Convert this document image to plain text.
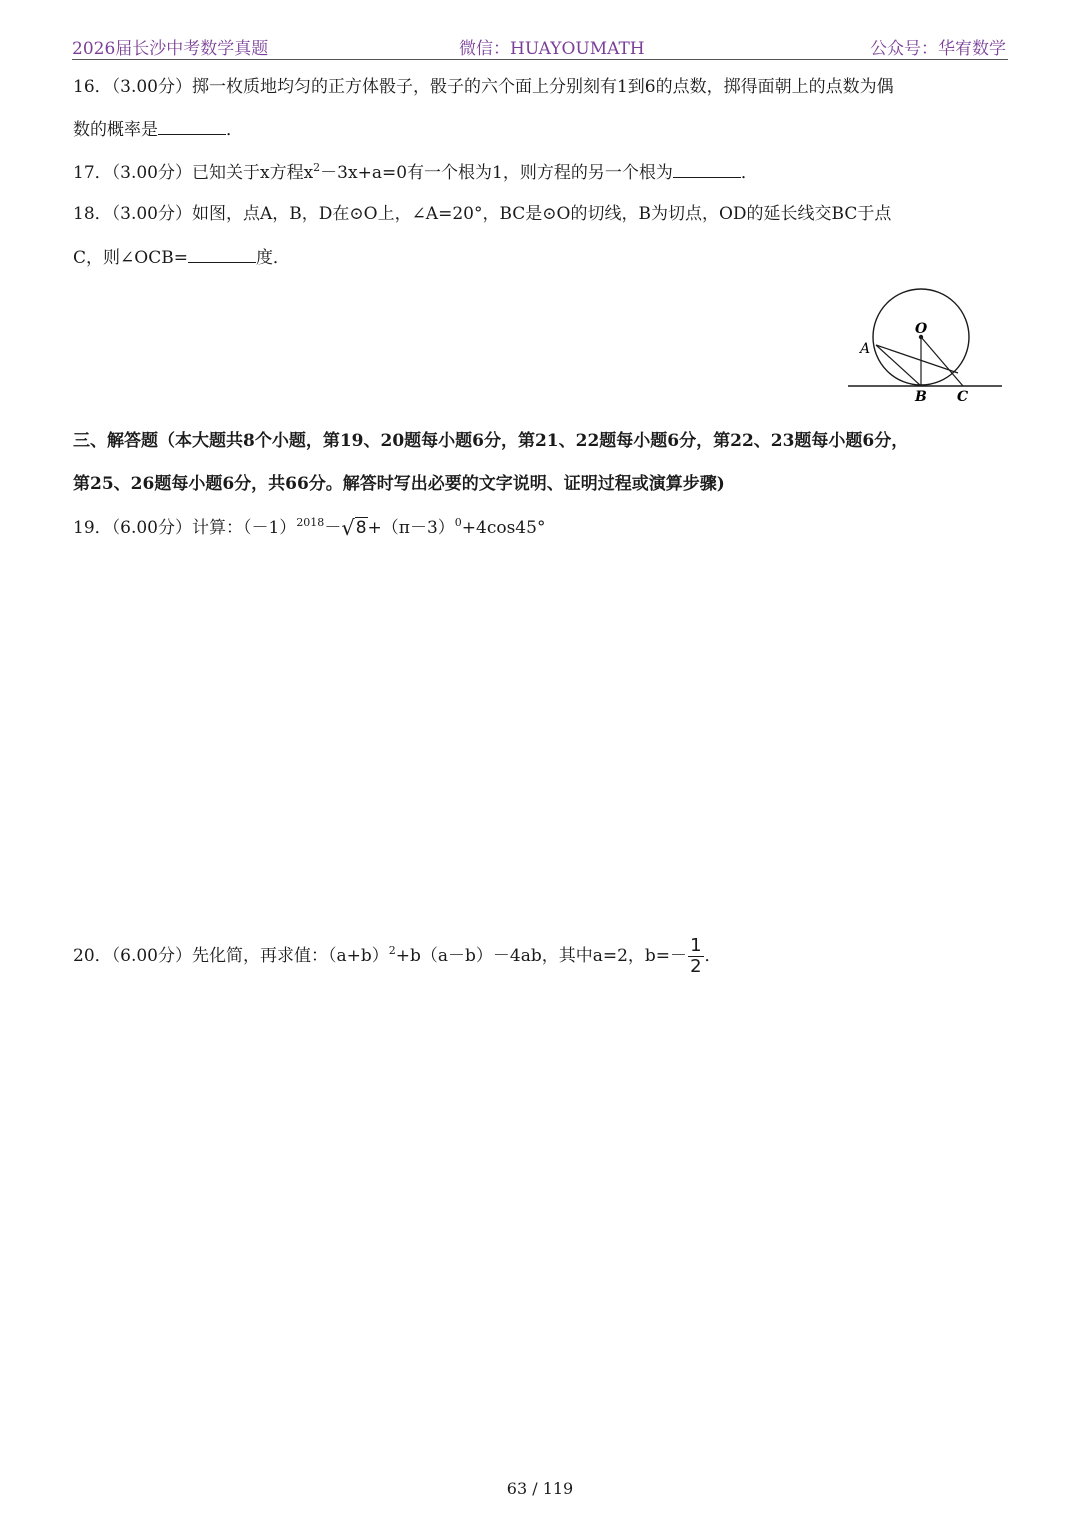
2026届长沙中考数学真题	微信：HUAYOUMATH	公众号：华宥数学
16．（3.00分）掷一枚质地均匀的正方体骰子，骰子的六个面上分别刻有1到6的点数，掷得面朝上的点数为偶
数的概率是	．
17．（3.00分）已知关于x方程$x^2-3x+a=0$有一个根为1，则方程的另一个根为	．
18．（3.00分）如图，点A，B，D在⊙O上，∠A=20°，BC是⊙O的切线，B为切点，OD的延长线交BC于点
C，则∠OCB=	度．
O
A
B C
三、解答题（本大题共8个小题，第19、20题每小题6分，第21、22题每小题6分，第22、23题每小题6分，
第25、26题每小题6分，共66分。解答时写出必要的文字说明、证明过程或演算步骤)
19．（6.00分）计算：$(-1)^{2018}-√8+(\pi-3)^0+4\cos 45^\circ$
20．（6.00分）先化简，再求值：$(a+b)^2+b(a-b)-4ab$，其中a=2，$b=- \frac{1}{2}$ ．
63 / 119
